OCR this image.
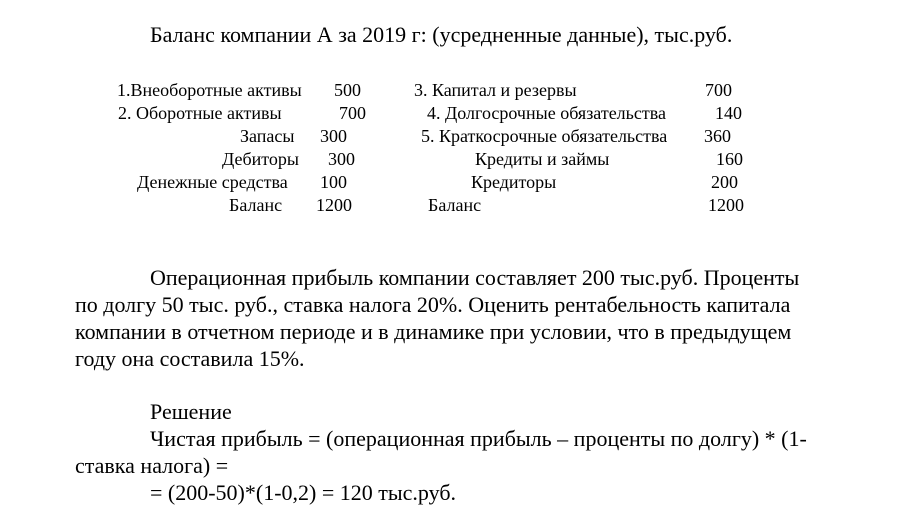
Баланс компании А за 2019 г: (усредненные данные), тыс.руб.
1.Внеоборотные активы 500
2. Оборотные активы	700
Запасы 300
Дебиторы 300
Денежные средства 100
Баланс 1200
3. Капитал и резервы	700
4. Долгосрочные обязательства	140
5. Краткосрочные обязательства 360
Кредиты и займы	160
Кредиторы	200
Баланс	1200
Операционная прибыль компании составляет 200 тыс.руб. Проценты
по долгу 50 тыс. руб., ставка налога 20%. Оценить рентабельность капитала
компании в отчетном периоде и в динамике при условии, что в предыдущем
году она составила 15%.
Решение
Чистая прибыль = (операционная прибыль – проценты по долгу) * (1-
ставка налога) =
= (200-50)*(1-0,2) = 120 тыс.руб.
